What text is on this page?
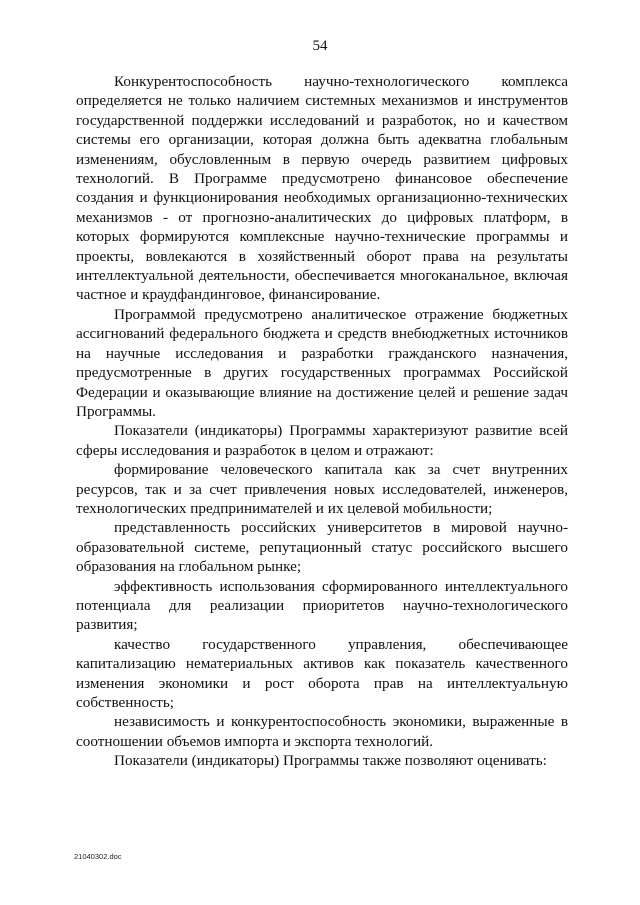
54

Конкурентоспособность научно-технологического комплекса определяется не только наличием системных механизмов и инструментов государственной поддержки исследований и разработок, но и качеством системы его организации, которая должна быть адекватна глобальным изменениям, обусловленным в первую очередь развитием цифровых технологий. В Программе предусмотрено финансовое обеспечение создания и функционирования необходимых организационно-технических механизмов - от прогнозно-аналитических до цифровых платформ, в которых формируются комплексные научно-технические программы и проекты, вовлекаются в хозяйственный оборот права на результаты интеллектуальной деятельности, обеспечивается многоканальное, включая частное и краудфандинговое, финансирование.

Программой предусмотрено аналитическое отражение бюджетных ассигнований федерального бюджета и средств внебюджетных источников на научные исследования и разработки гражданского назначения, предусмотренные в других государственных программах Российской Федерации и оказывающие влияние на достижение целей и решение задач Программы.

Показатели (индикаторы) Программы характеризуют развитие всей сферы исследования и разработок в целом и отражают:

формирование человеческого капитала как за счет внутренних ресурсов, так и за счет привлечения новых исследователей, инженеров, технологических предпринимателей и их целевой мобильности;

представленность российских университетов в мировой научно-образовательной системе, репутационный статус российского высшего образования на глобальном рынке;

эффективность использования сформированного интеллектуального потенциала для реализации приоритетов научно-технологического развития;

качество государственного управления, обеспечивающее капитализацию нематериальных активов как показатель качественного изменения экономики и рост оборота прав на интеллектуальную собственность;

независимость и конкурентоспособность экономики, выраженные в соотношении объемов импорта и экспорта технологий.

Показатели (индикаторы) Программы также позволяют оценивать:

21040302.doc
